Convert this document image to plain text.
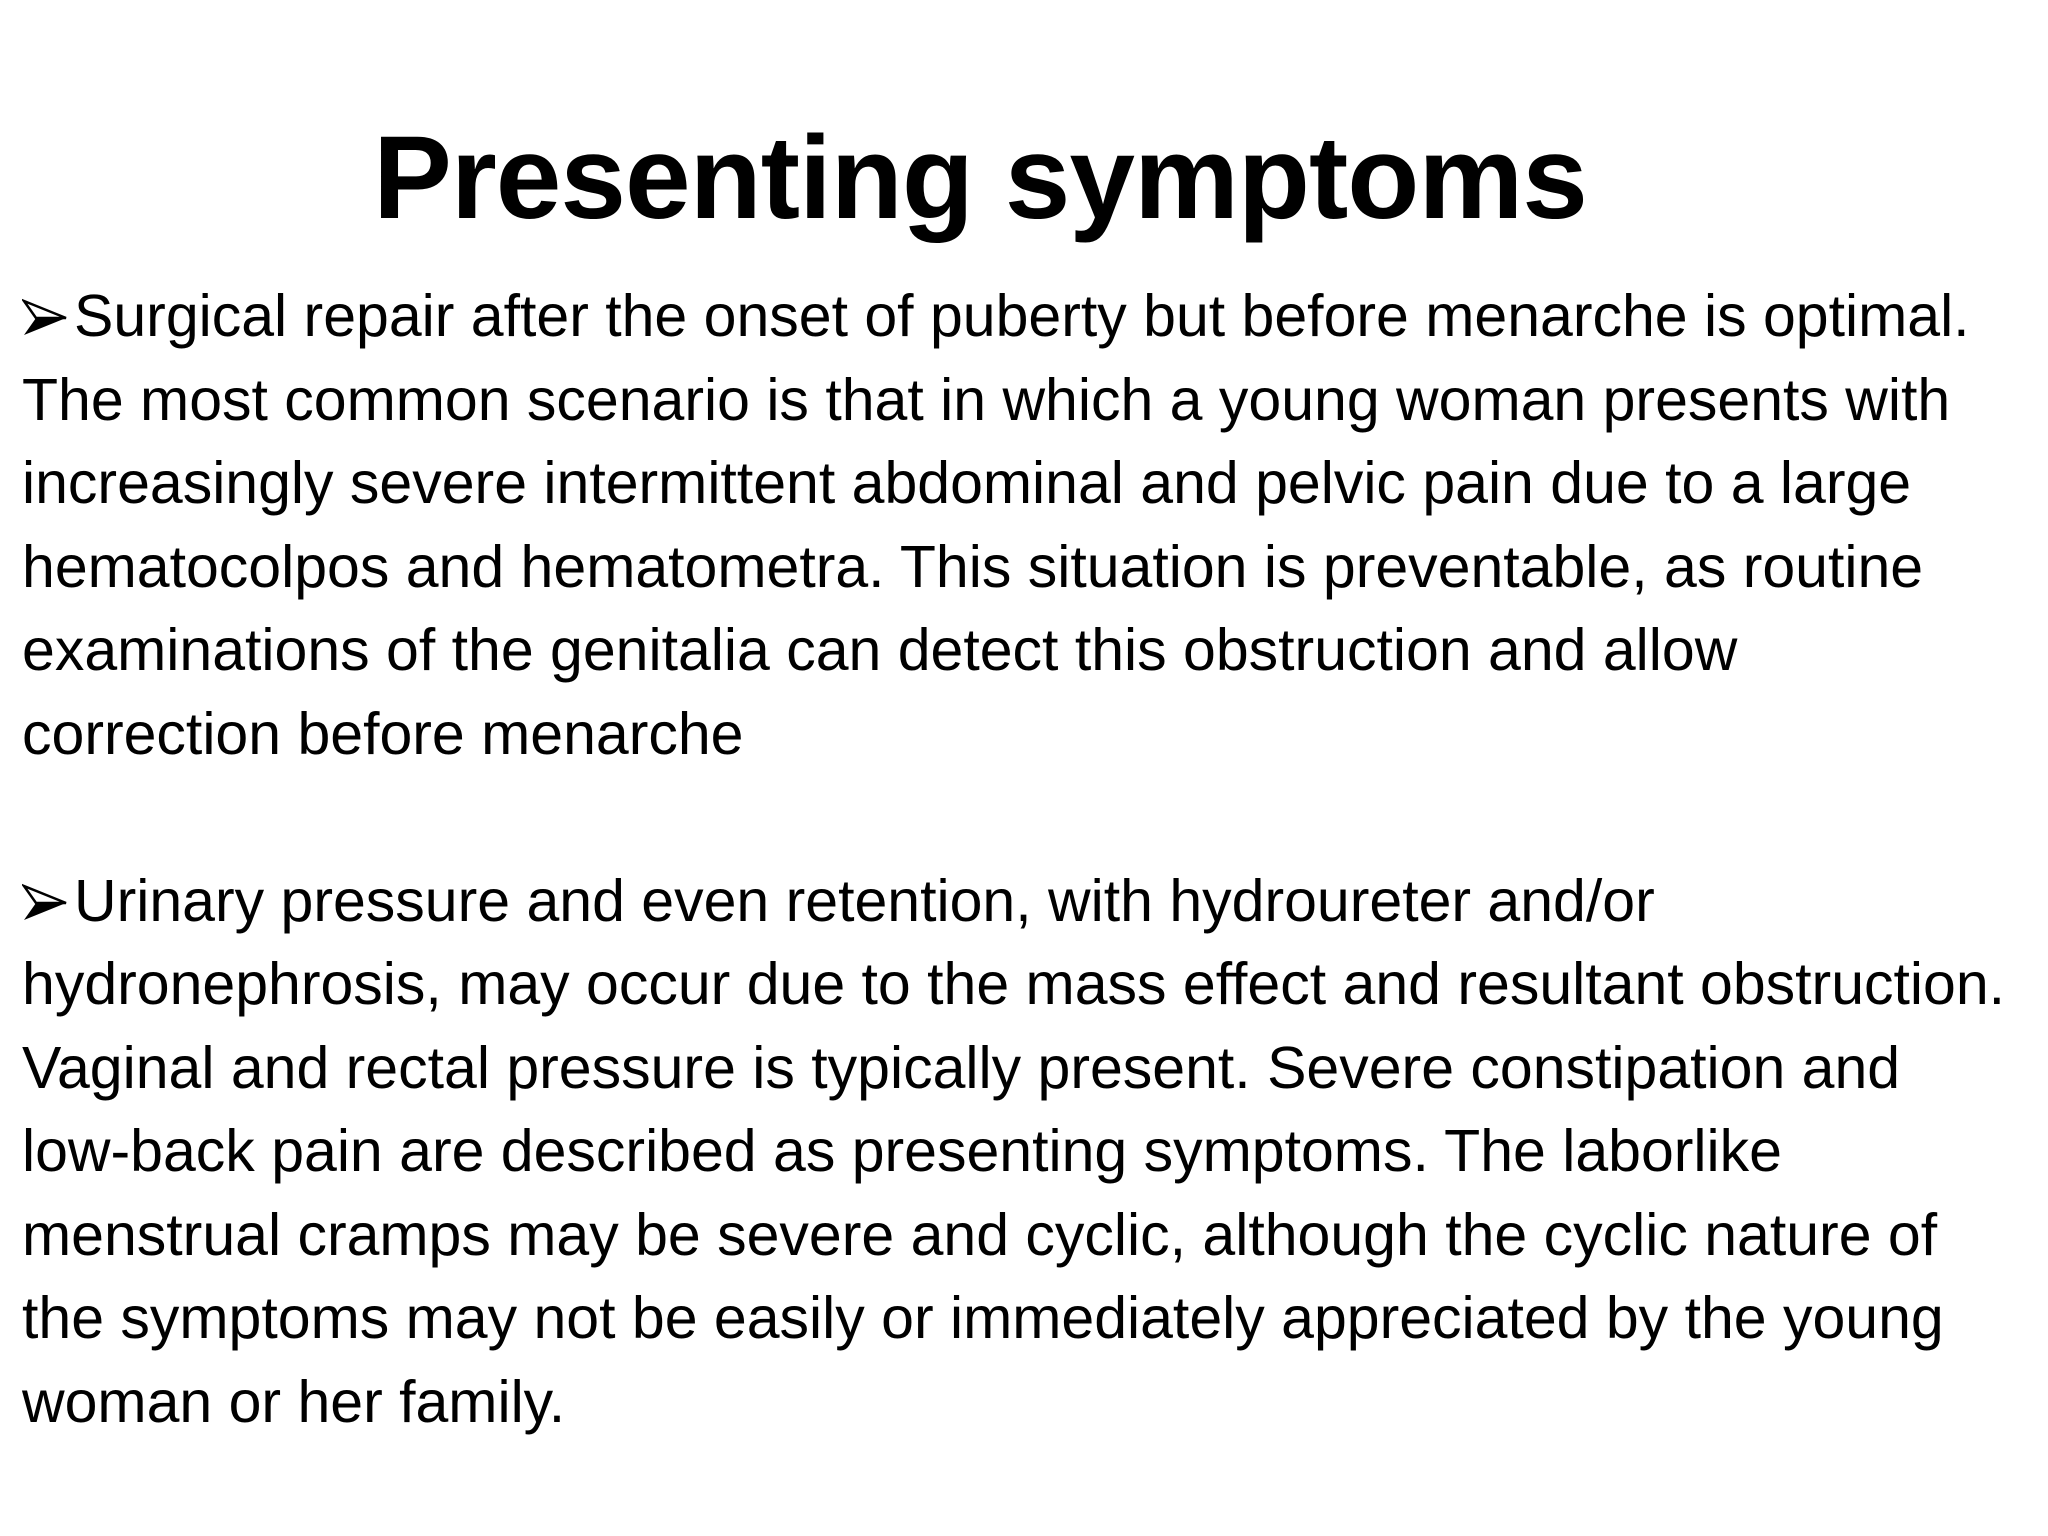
Presenting symptoms

Surgical repair after the onset of puberty but before menarche is optimal. The most common scenario is that in which a young woman presents with increasingly severe intermittent abdominal and pelvic pain due to a large hematocolpos and hematometra. This situation is preventable, as routine examinations of the genitalia can detect this obstruction and allow correction before menarche

Urinary pressure and even retention, with hydroureter and/or hydronephrosis, may occur due to the mass effect and resultant obstruction. Vaginal and rectal pressure is typically present. Severe constipation and low-back pain are described as presenting symptoms. The laborlike menstrual cramps may be severe and cyclic, although the cyclic nature of the symptoms may not be easily or immediately appreciated by the young woman or her family.
